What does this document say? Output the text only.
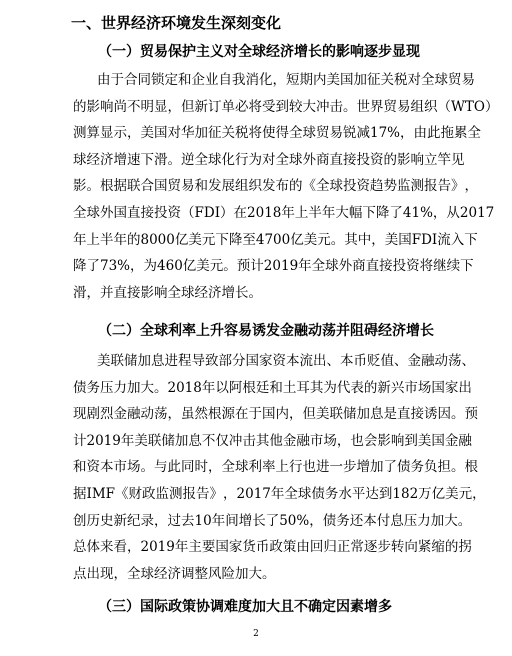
一、世界经济环境发生深刻变化
（一）贸易保护主义对全球经济增长的影响逐步显现
由 于 合 同 锁 定 和 企 业 自 我 消 化 ， 短 期 内 美 国 加 征 关 税 对 全 球 贸 易
的 影 响 尚 不 明 显 ， 但 新 订 单 必 将 受 到 较 大 冲 击 。 世 界 贸 易 组 织 （ WTO ）
测 算 显 示 ， 美 国 对 华 加 征 关 税 将 使 得 全 球 贸 易 锐 减 17% ， 由 此 拖 累 全
球 经 济 增 速 下 滑 。 逆 全 球 化 行 为 对 全 球 外 商 直 接 投 资 的 影 响 立 竿 见
影 。 根 据 联 合 国 贸 易 和 发 展 组 织 发 布 的 《 全 球 投 资 趋 势 监 测 报 告 》 ，
全 球 外 国 直 接 投 资 （ FDI ） 在 2018 年 上 半 年 大 幅 下 降 了 41% ， 从 2017
年 上 半 年 的 8000 亿 美 元 下 降 至 4700 亿 美 元 。 其 中 ， 美 国 FDI 流 入 下
降 了 73% ， 为 460 亿 美 元 。 预 计 2019 年 全 球 外 商 直 接 投 资 将 继 续 下
滑，并直接影响全球经济增长。
（二）全球利率上升容易诱发金融动荡并阻碍经济增长
美 联 储 加 息 进 程 导 致 部 分 国 家 资 本 流 出 、 本 币 贬 值 、 金 融 动 荡 、
债 务 压 力 加 大 。 2018 年 以 阿 根 廷 和 土 耳 其 为 代 表 的 新 兴 市 场 国 家 出
现 剧 烈 金 融 动 荡 ， 虽 然 根 源 在 于 国 内 ， 但 美 联 储 加 息 是 直 接 诱 因 。 预
计 2019 年 美 联 储 加 息 不 仅 冲 击 其 他 金 融 市 场 ， 也 会 影 响 到 美 国 金 融
和 资 本 市 场 。 与 此 同 时 ， 全 球 利 率 上 行 也 进 一 步 增 加 了 债 务 负 担 。 根
据 IMF 《 财 政 监 测 报 告 》 ， 2017 年 全 球 债 务 水 平 达 到 182 万 亿 美 元 ，
创 历 史 新 纪 录 ， 过 去 10 年 间 增 长 了 50% ， 债 务 还 本 付 息 压 力 加 大 。
总 体 来 看 ， 2019 年 主 要 国 家 货 币 政 策 由 回 归 正 常 逐 步 转 向 紧 缩 的 拐
点出现，全球经济调整风险加大。
（三）国际政策协调难度加大且不确定因素增多
2
